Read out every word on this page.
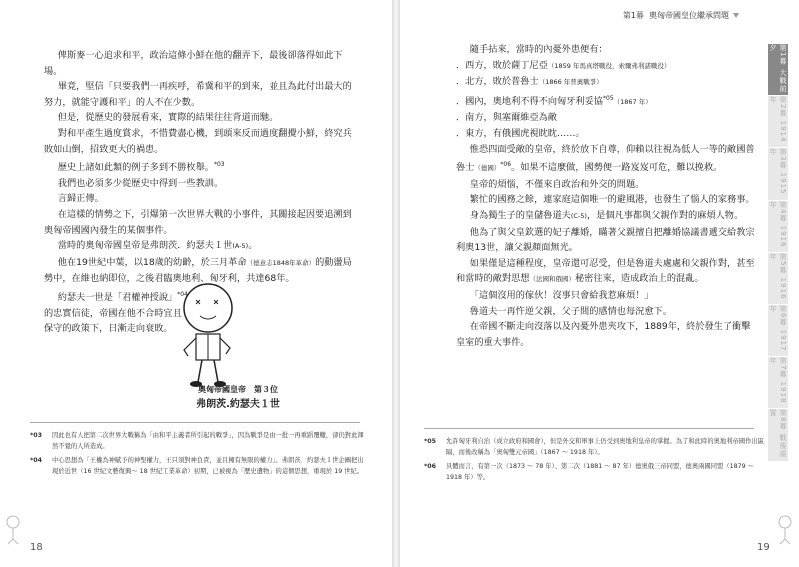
俾斯麥一心追求和平，政治這條小鮮在他的翻弄下，最後卻落得如此下場。

畢竟，堅信「只要我們一再疾呼，希冀和平的到來，並且為此付出最大的努力，就能守護和平」的人不在少數。

但是，從歷史的發展看來，實際的結果往往背道而馳。

對和平產生過度賞求，不惜費盡心機，到頭來反而過度翻攪小鮮，終究兵敗如山倒，招致更大的禍患。

歷史上諸如此類的例子多到不勝枚舉。$^{*03}$

我們也必須多少從歷史中得到一些教訓。

言歸正傳。

在這樣的情勢之下，引爆第一次世界大戰的小事件，其關接起因要追溯到奧匈帝國國內發生的某個事件。

當時的奧匈帝國皇帝是弗朗茨．約瑟夫１世(A-5)。

他在19世紀中葉，以18歲的幼齡，於三月革命（德意志1848年革命）的動盪局勢中，在維也納即位，之後君臨奧地利、匈牙利，共達68年。

約瑟夫一世是「君權神授說」$^{*04}$

的忠實信徒，帝國在他不合時宜且

保守的政策下，日漸走向衰敗。

奧匈帝國皇帝　第３位
弗朗茨.約瑟夫１世
*03	因此也有人把第二次世界大戰稱為「由和平主義者所引起的戰爭」，因為戰爭是由一批一再重蹈覆轍，卻仍對此渾然不覺的人所造成。
*04	中心思想為「王權為神賦予的神聖權力，王只須對神負責，並且擁有無限的權力」。弗朗茨．約瑟夫１世企圖把出現於近世（16 世紀文藝復興～ 18 世紀工業革命）初期，已被視為「歷史遺物」的這個思想，重現於 19 世紀。
18
第1幕 奧匈帝國皇位繼承問題

隨手拈來，當時的內憂外患便有：

．西方，敗於薩丁尼亞（1859 年馬真塔戰役，索爾弗利諾戰役）

．北方，敗於普魯士（1866 年普奧戰爭）

．國內，奧地利不得不向匈牙利妥協$^{*05}$（1867 年）

．南方，與塞爾維亞為敵

．東方，有俄國虎視眈眈……。

惟恐四面受敵的皇帝，終於放下自尊，仰賴以往視為低人一等的敵國普魯士（德國）$^{*06}$。如果不這麼做，國勢便一路岌岌可危，難以挽救。

皇帝的煩惱，不僅來自政治和外交的問題。

繁忙的國務之餘，連家庭這個唯一的避風港，也發生了惱人的家務事。

身為獨生子的皇儲魯道夫(C-5)，是個凡事都與父親作對的麻煩人物。

他為了與父皇欽選的妃子離婚，瞞著父親擅自把離婚協議書遞交給教宗利奧13世，讓父親顏面無光。

如果僅是這種程度，皇帝還可忍受，但是魯道夫處處和父親作對，甚至和當時的敵對思想（法國和俄國）秘密往來，造成政治上的混亂。

「這個沒用的傢伙！沒事只會給我惹麻煩！」

魯道夫一再忤逆父親，父子間的感情也每況愈下。

在帝國不斷走向沒落以及內憂外患夾攻下，1889年，終於發生了衝擊皇室的重大事件。

*05	允許匈牙利自治（成立政府和國會），但是外交和軍事上仍受到奧地利皇帝的掌握。為了和此時的奧地利帝國作出區隔，而後改稱為「奧匈雙元帝國」（1867 ～ 1918 年）。
*06	具體而言，有第一次（1873 ～ 78 年）、第二次（1881 ～ 87 年）德奧俄三帝同盟，德奧兩國同盟（1879 ～ 1918 年）等。
第1幕 大戰前夕
第2幕 1914年
第3幕 1915年
第4幕 1916年
第5幕 1916年
第6幕 1917年
第7幕 1918年
第8幕 戰後處置
19
